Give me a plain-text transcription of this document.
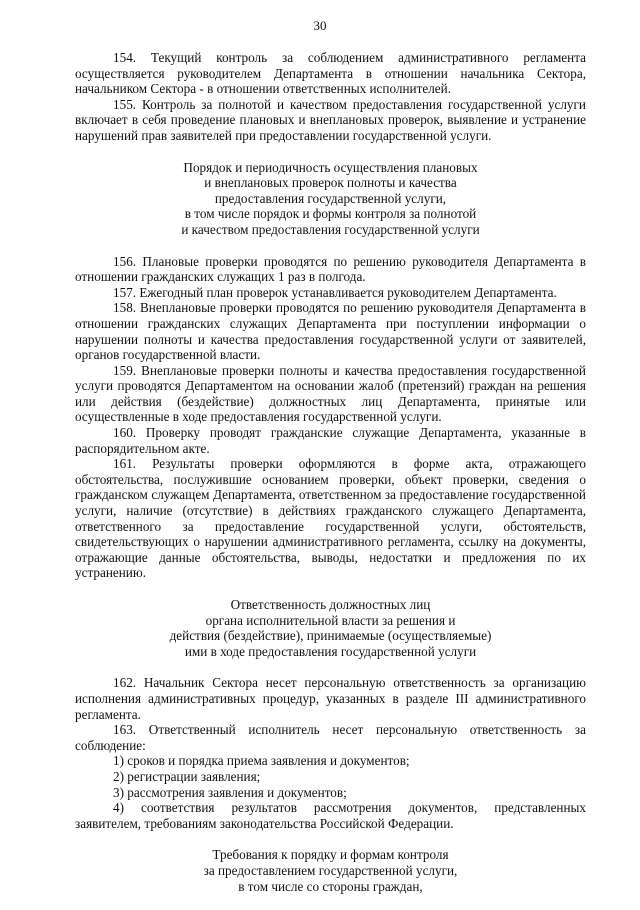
30

154. Текущий контроль за соблюдением административного регламента осуществляется руководителем Департамента в отношении начальника Сектора, начальником Сектора - в отношении ответственных исполнителей.

155. Контроль за полнотой и качеством предоставления государственной услуги включает в себя проведение плановых и внеплановых проверок, выявление и устранение нарушений прав заявителей при предоставлении государственной услуги.

Порядок и периодичность осуществления плановых
и внеплановых проверок полноты и качества
предоставления государственной услуги,
в том числе порядок и формы контроля за полнотой
и качеством предоставления государственной услуги

156. Плановые проверки проводятся по решению руководителя Департамента в отношении гражданских служащих 1 раз в полгода.

157. Ежегодный план проверок устанавливается руководителем Департамента.

158. Внеплановые проверки проводятся по решению руководителя Департамента в отношении гражданских служащих Департамента при поступлении информации о нарушении полноты и качества предоставления государственной услуги от заявителей, органов государственной власти.

159. Внеплановые проверки полноты и качества предоставления государственной услуги проводятся Департаментом на основании жалоб (претензий) граждан на решения или действия (бездействие) должностных лиц Департамента, принятые или осуществленные в ходе предоставления государственной услуги.

160. Проверку проводят гражданские служащие Департамента, указанные в распорядительном акте.

161. Результаты проверки оформляются в форме акта, отражающего обстоятельства, послужившие основанием проверки, объект проверки, сведения о гражданском служащем Департамента, ответственном за предоставление государственной услуги, наличие (отсутствие) в действиях гражданского служащего Департамента, ответственного за предоставление государственной услуги, обстоятельств, свидетельствующих о нарушении административного регламента, ссылку на документы, отражающие данные обстоятельства, выводы, недостатки и предложения по их устранению.

Ответственность должностных лиц
органа исполнительной власти за решения и
действия (бездействие), принимаемые (осуществляемые)
ими в ходе предоставления государственной услуги

162. Начальник Сектора несет персональную ответственность за организацию исполнения административных процедур, указанных в разделе III административного регламента.

163. Ответственный исполнитель несет персональную ответственность за соблюдение:

1) сроков и порядка приема заявления и документов;

2) регистрации заявления;

3) рассмотрения заявления и документов;

4) соответствия результатов рассмотрения документов, представленных заявителем, требованиям законодательства Российской Федерации.

Требования к порядку и формам контроля
за предоставлением государственной услуги,
в том числе со стороны граждан,
